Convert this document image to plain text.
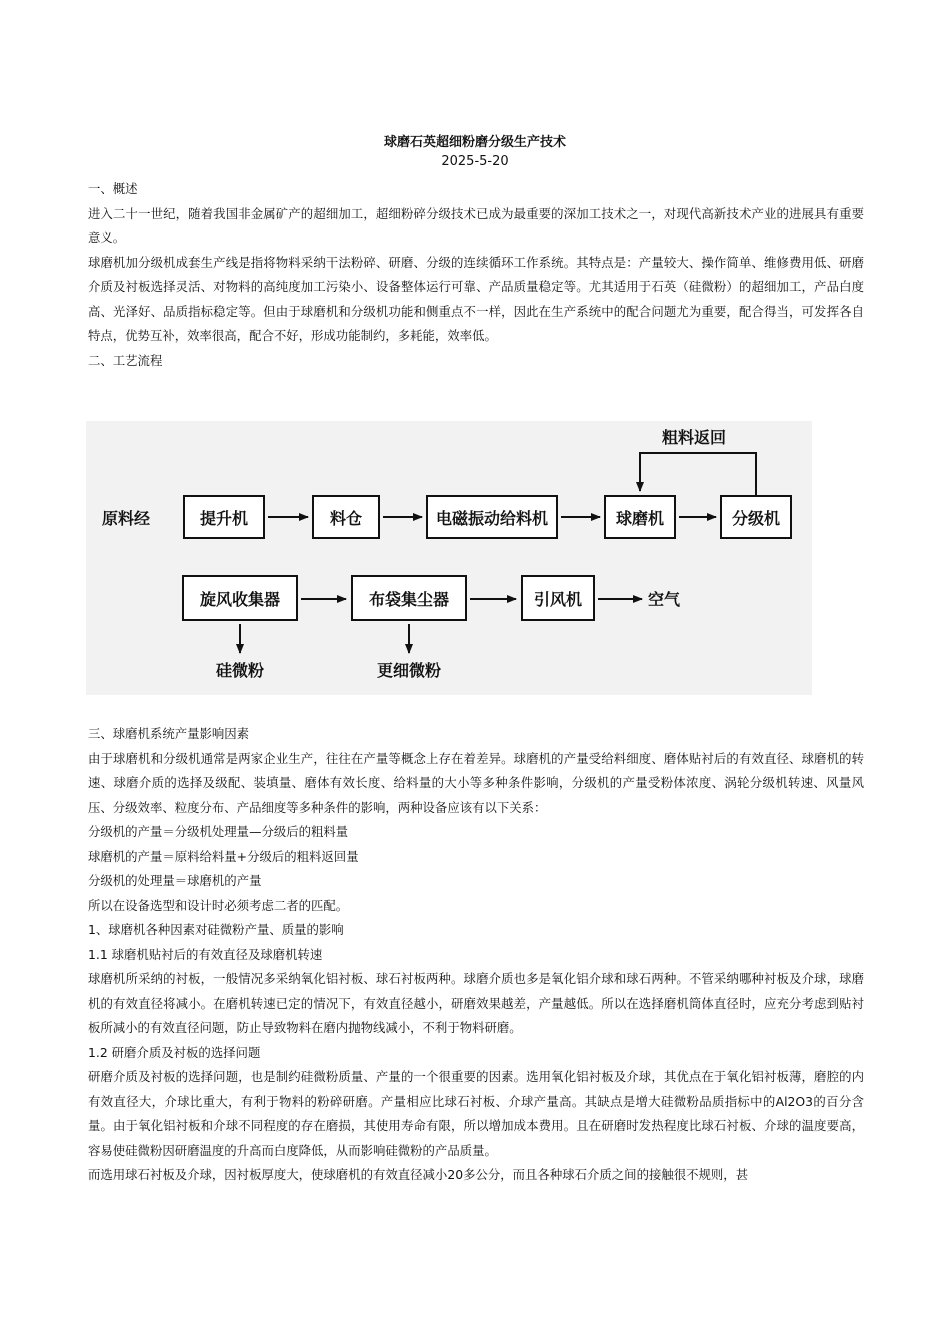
球磨石英超细粉磨分级生产技术
2025-5-20

一、概述

进入二十一世纪，随着我国非金属矿产的超细加工，超细粉碎分级技术已成为最重要的深加工技术之一，对现代高新技术产业的进展具有重要意义。

球磨机加分级机成套生产线是指将物料采纳干法粉碎、研磨、分级的连续循环工作系统。其特点是：产量较大、操作简单、维修费用低、研磨介质及衬板选择灵活、对物料的高纯度加工污染小、设备整体运行可靠、产品质量稳定等。尤其适用于石英（硅微粉）的超细加工，产品白度高、光泽好、品质指标稳定等。但由于球磨机和分级机功能和侧重点不一样，因此在生产系统中的配合问题尤为重要，配合得当，可发挥各自特点，优势互补，效率很高，配合不好，形成功能制约，多耗能，效率低。

二、工艺流程

原料经	提升机	料仓	电磁振动给料机	球磨机	分级机
粗料返回
旋风收集器	布袋集尘器	引风机	空气
硅微粉	更细微粉

三、球磨机系统产量影响因素

由于球磨机和分级机通常是两家企业生产，往往在产量等概念上存在着差异。球磨机的产量受给料细度、磨体贴衬后的有效直径、球磨机的转速、球磨介质的选择及级配、装填量、磨体有效长度、给料量的大小等多种条件影响，分级机的产量受粉体浓度、涡轮分级机转速、风量风压、分级效率、粒度分布、产品细度等多种条件的影响，两种设备应该有以下关系：

分级机的产量＝分级机处理量—分级后的粗料量

球磨机的产量＝原料给料量+分级后的粗料返回量

分级机的处理量＝球磨机的产量

所以在设备选型和设计时必须考虑二者的匹配。

1、球磨机各种因素对硅微粉产量、质量的影响

1.1 球磨机贴衬后的有效直径及球磨机转速

球磨机所采纳的衬板，一般情况多采纳氧化铝衬板、球石衬板两种。球磨介质也多是氧化铝介球和球石两种。不管采纳哪种衬板及介球，球磨机的有效直径将减小。在磨机转速已定的情况下，有效直径越小，研磨效果越差，产量越低。所以在选择磨机筒体直径时，应充分考虑到贴衬板所减小的有效直径问题，防止导致物料在磨内抛物线减小，不利于物料研磨。

1.2 研磨介质及衬板的选择问题

研磨介质及衬板的选择问题，也是制约硅微粉质量、产量的一个很重要的因素。选用氧化铝衬板及介球，其优点在于氧化铝衬板薄，磨腔的内有效直径大，介球比重大，有利于物料的粉碎研磨。产量相应比球石衬板、介球产量高。其缺点是增大硅微粉品质指标中的Al2O3的百分含量。由于氧化铝衬板和介球不同程度的存在磨损，其使用寿命有限，所以增加成本费用。且在研磨时发热程度比球石衬板、介球的温度要高，容易使硅微粉因研磨温度的升高而白度降低，从而影响硅微粉的产品质量。

而选用球石衬板及介球，因衬板厚度大，使球磨机的有效直径减小20多公分，而且各种球石介质之间的接触很不规则，甚
